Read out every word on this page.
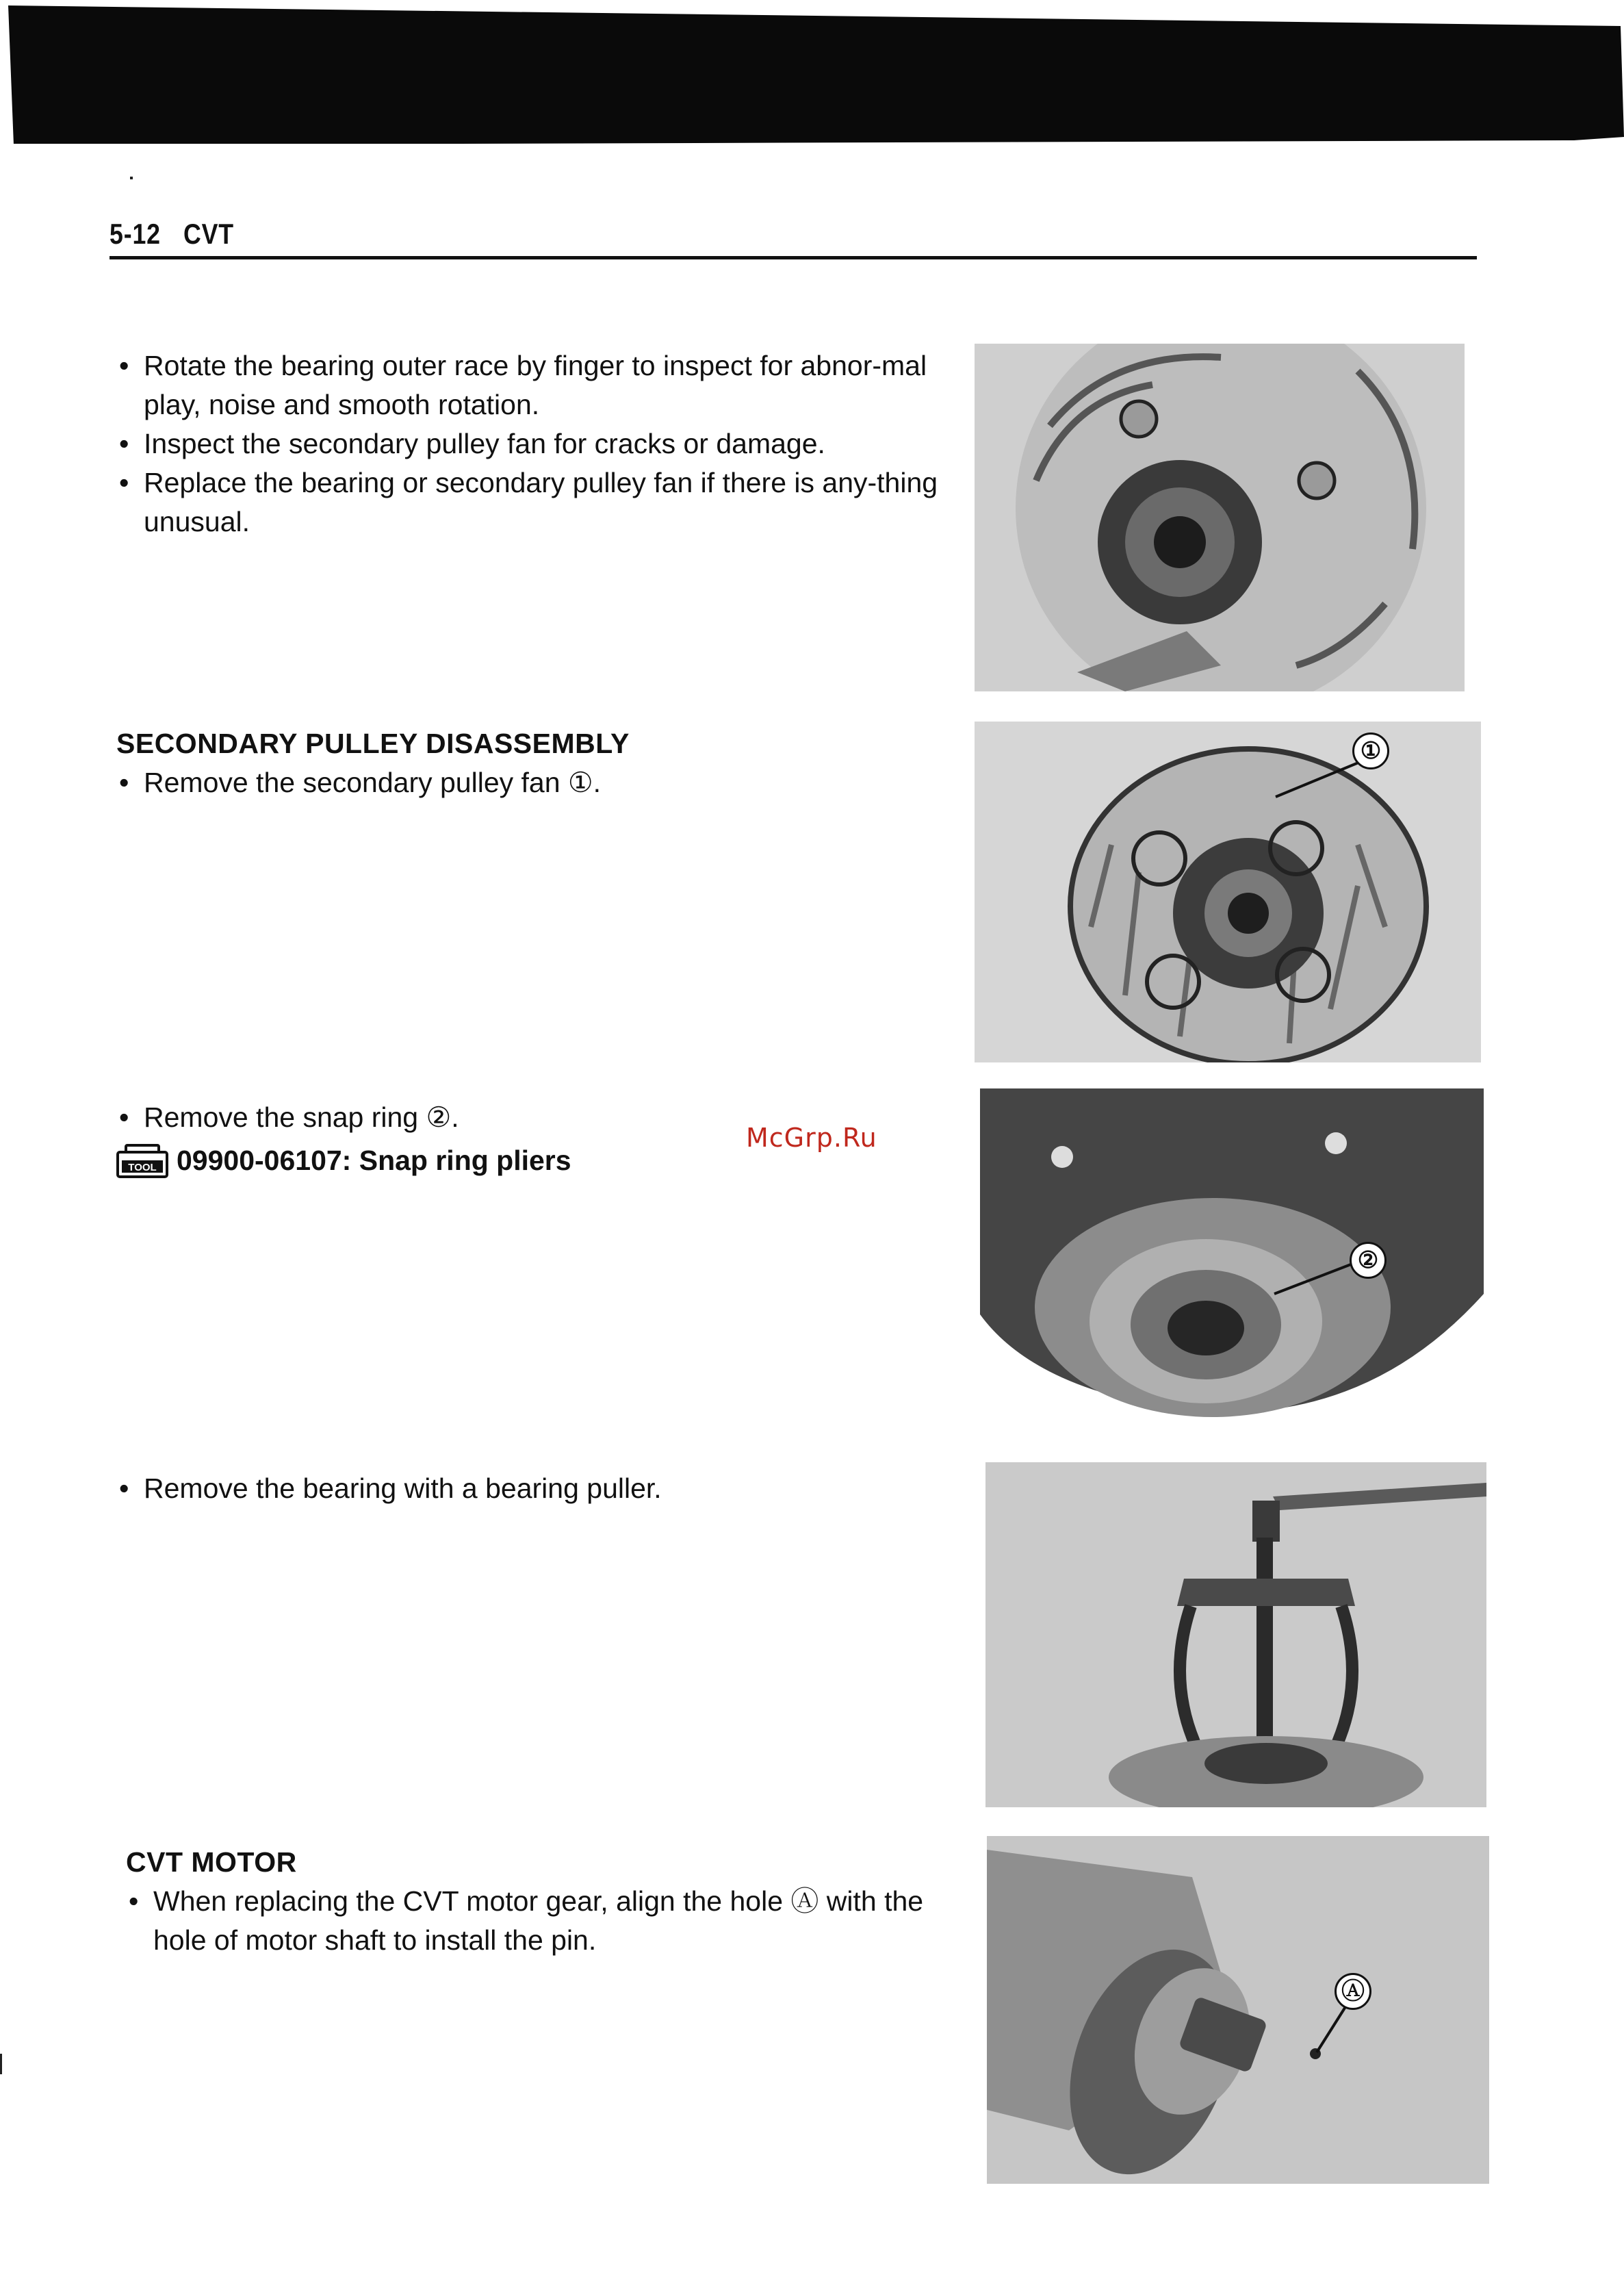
5-12 CVT
• Rotate the bearing outer race by finger to inspect for abnor-mal play, noise and smooth rotation.
• Inspect the secondary pulley fan for cracks or damage.
• Replace the bearing or secondary pulley fan if there is any-thing unusual.

SECONDARY PULLEY DISASSEMBLY

• Remove the secondary pulley fan ①.
• Remove the snap ring ②.
TOOL 09900-06107: Snap ring pliers
• Remove the bearing with a bearing puller.

CVT MOTOR

• When replacing the CVT motor gear, align the hole Ⓐ with the hole of motor shaft to install the pin.
McGrp.Ru
①
②
Ⓐ
